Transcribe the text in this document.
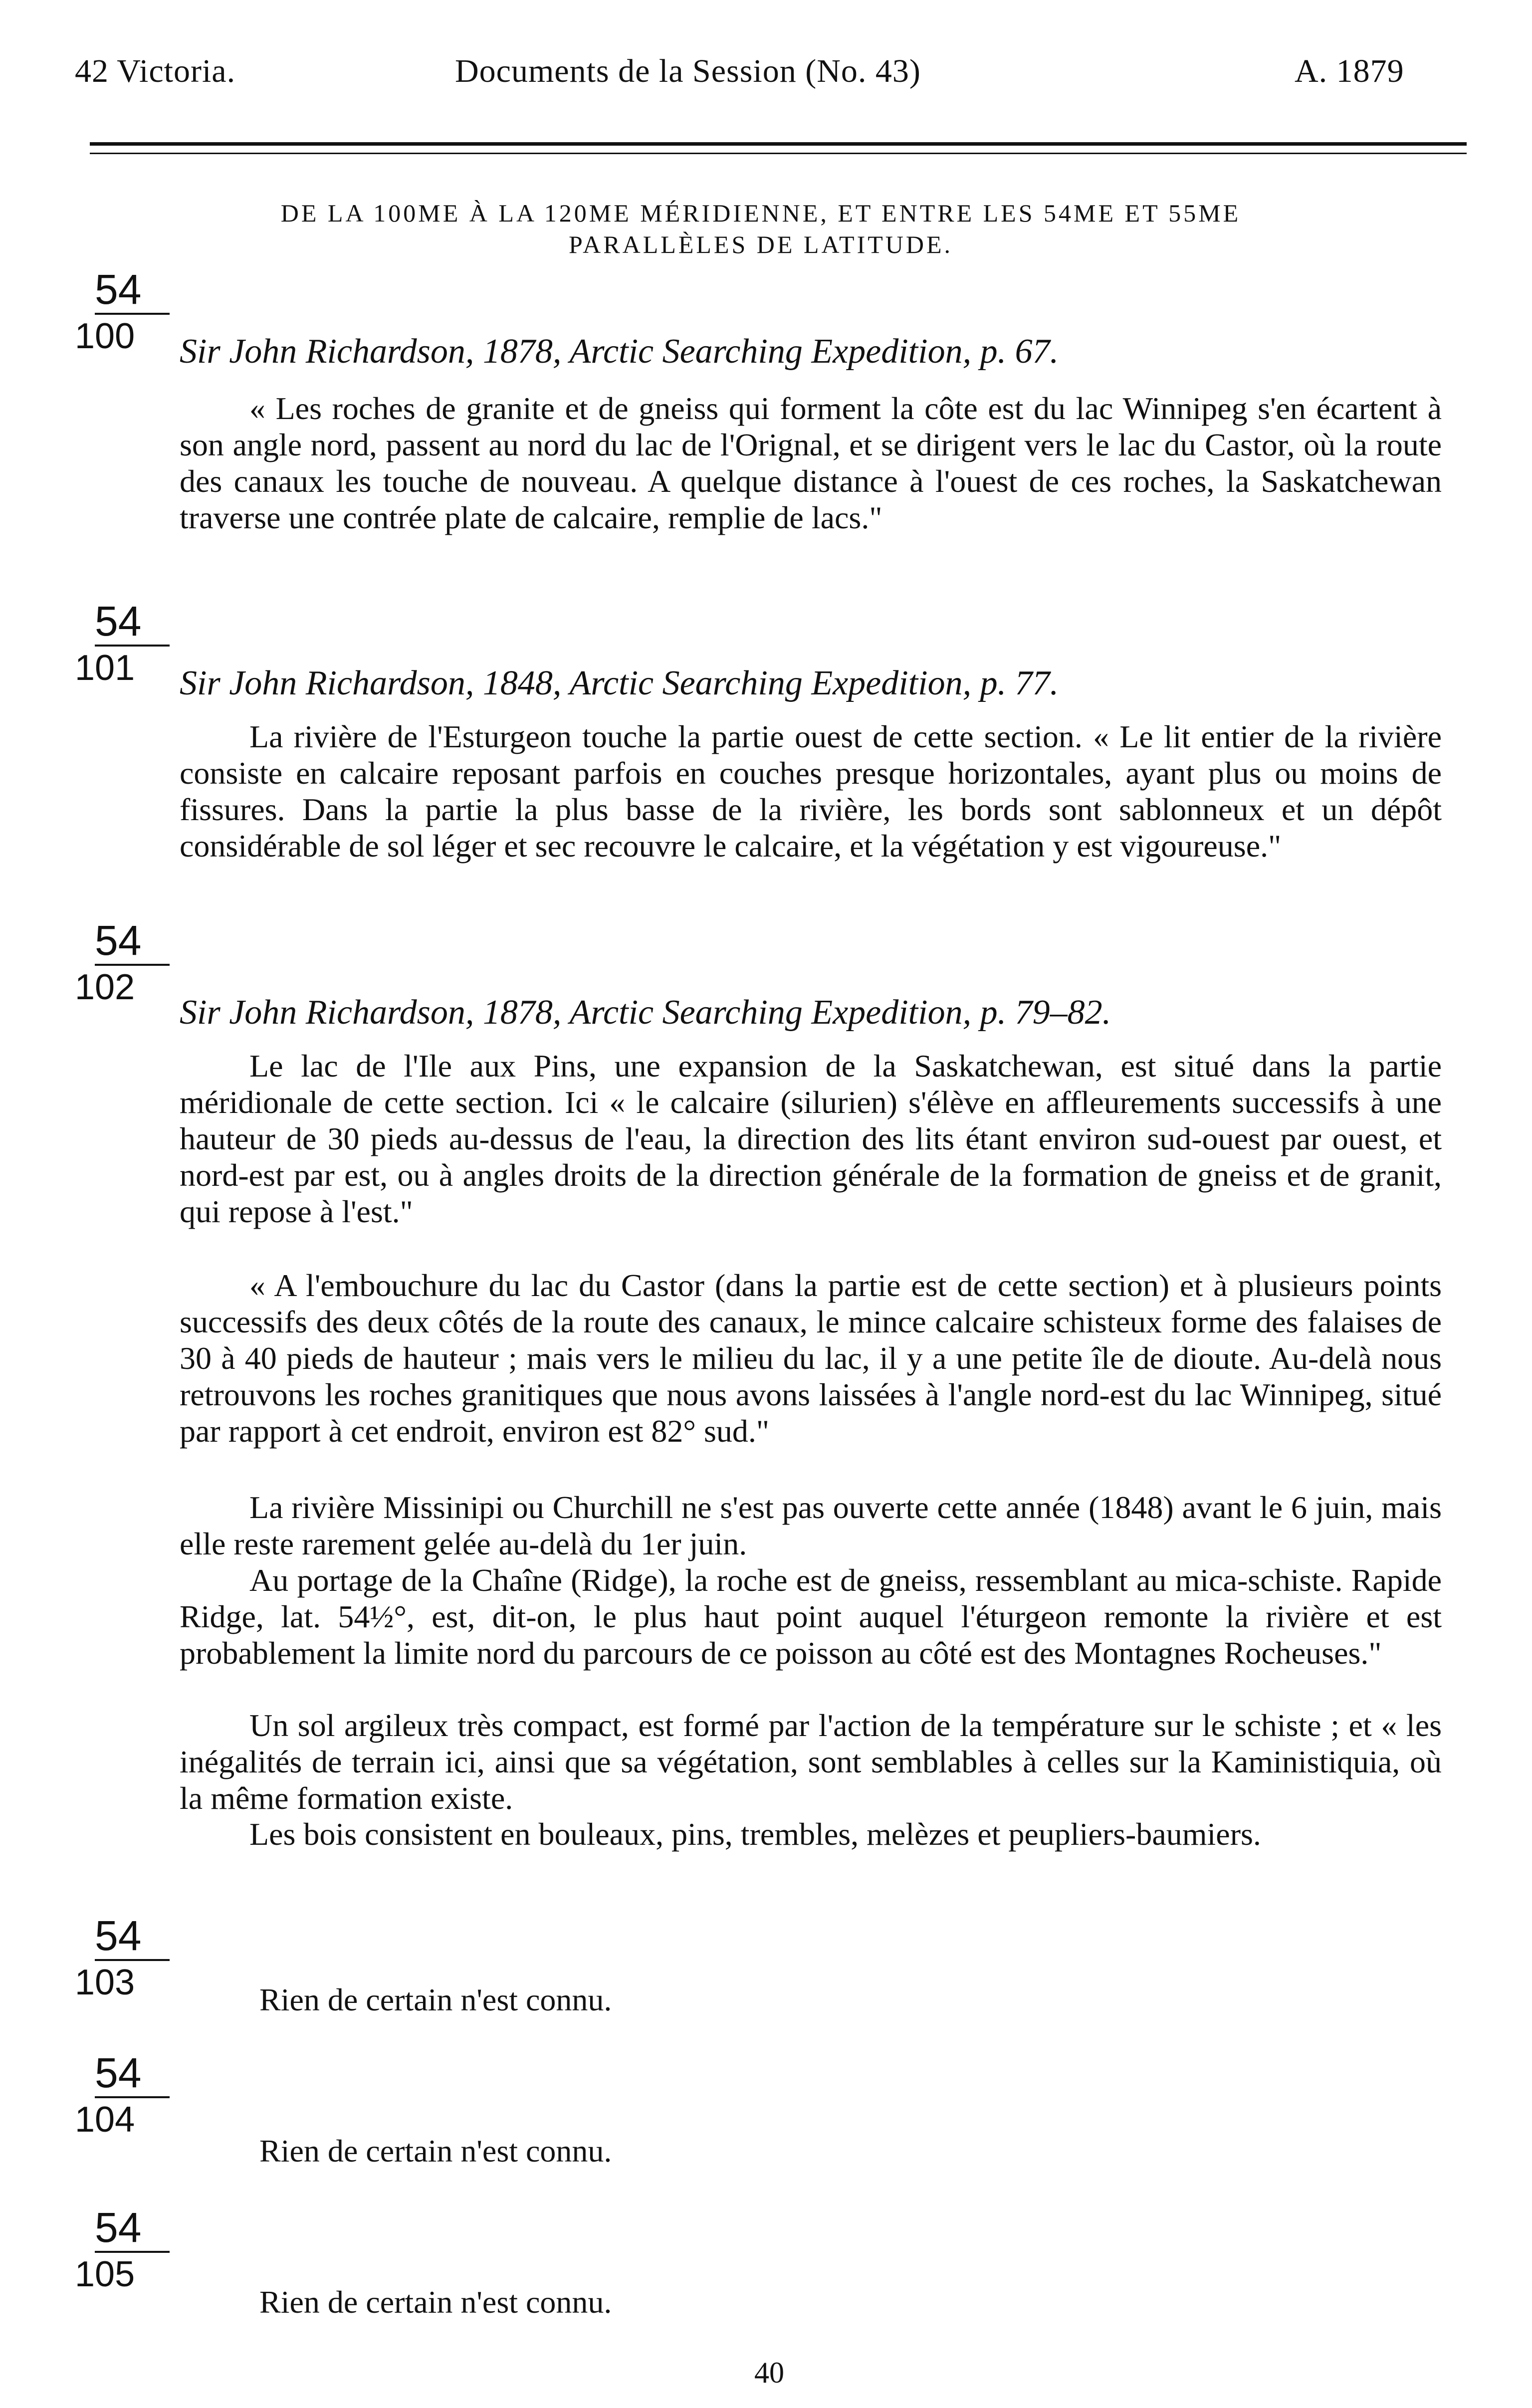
42 Victoria.	Documents de la Session (No. 43)	A. 1879
DE LA 100ME À LA 120ME MÉRIDIENNE, ET ENTRE LES 54ME ET 55ME
PARALLÈLES DE LATITUDE.
54
100	Sir John Richardson, 1878, Arctic Searching Expedition, p. 67.

« Les roches de granite et de gneiss qui forment la côte est du lac Winnipeg s'en écartent à son angle nord, passent au nord du lac de l'Orignal, et se dirigent vers le lac du Castor, où la route des canaux les touche de nouveau. A quelque distance à l'ouest de ces roches, la Saskatchewan traverse une contrée plate de calcaire, remplie de lacs."

54
101	Sir John Richardson, 1848, Arctic Searching Expedition, p. 77.

La rivière de l'Esturgeon touche la partie ouest de cette section. « Le lit entier de la rivière consiste en calcaire reposant parfois en couches presque horizontales, ayant plus ou moins de fissures. Dans la partie la plus basse de la rivière, les bords sont sablonneux et un dépôt considérable de sol léger et sec recouvre le calcaire, et la végétation y est vigoureuse."

54
102
Sir John Richardson, 1878, Arctic Searching Expedition, p. 79–82.

Le lac de l'Ile aux Pins, une expansion de la Saskatchewan, est situé dans la partie méridionale de cette section. Ici « le calcaire (silurien) s'élève en affleurements successifs à une hauteur de 30 pieds au-dessus de l'eau, la direction des lits étant environ sud-ouest par ouest, et nord-est par est, ou à angles droits de la direction générale de la formation de gneiss et de granit, qui repose à l'est."

« A l'embouchure du lac du Castor (dans la partie est de cette section) et à plusieurs points successifs des deux côtés de la route des canaux, le mince calcaire schisteux forme des falaises de 30 à 40 pieds de hauteur ; mais vers le milieu du lac, il y a une petite île de dioute. Au-delà nous retrouvons les roches granitiques que nous avons laissées à l'angle nord-est du lac Winnipeg, situé par rapport à cet endroit, environ est 82° sud."

La rivière Missinipi ou Churchill ne s'est pas ouverte cette année (1848) avant le 6 juin, mais elle reste rarement gelée au-delà du 1er juin.

Au portage de la Chaîne (Ridge), la roche est de gneiss, ressemblant au mica-schiste. Rapide Ridge, lat. 54½°, est, dit-on, le plus haut point auquel l'éturgeon remonte la rivière et est probablement la limite nord du parcours de ce poisson au côté est des Montagnes Rocheuses."

Un sol argileux très compact, est formé par l'action de la température sur le schiste ; et « les inégalités de terrain ici, ainsi que sa végétation, sont semblables à celles sur la Kaministiquia, où la même formation existe.

Les bois consistent en bouleaux, pins, trembles, melèzes et peupliers-baumiers.

54
103	Rien de certain n'est connu.
54
104
Rien de certain n'est connu.
54
105
Rien de certain n'est connu.
40
